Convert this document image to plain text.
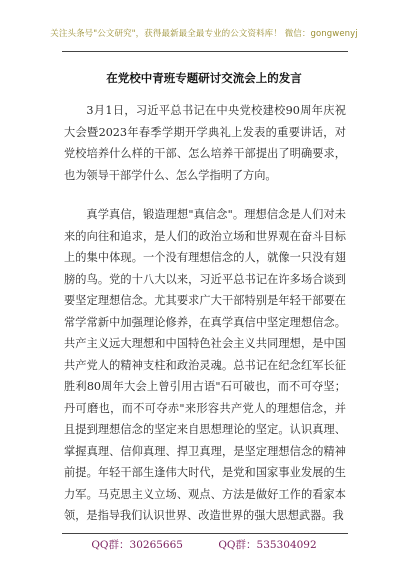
关注头条号"公文研究"，获得最新最全最专业的公文资料库！ 微信：gongwenyj
在党校中青班专题研讨交流会上的发言

3月1日，习近平总书记在中央党校建校90周年庆祝大会暨2023年春季学期开学典礼上发表的重要讲话，对党校培养什么样的干部、怎么培养干部提出了明确要求，也为领导干部学什么、怎么学指明了方向。

真学真信，锻造理想"真信念"。理想信念是人们对未来的向往和追求，是人们的政治立场和世界观在奋斗目标上的集中体现。一个没有理想信念的人，就像一只没有翅膀的鸟。党的十八大以来，习近平总书记在许多场合谈到要坚定理想信念。尤其要求广大干部特别是年轻干部要在常学常新中加强理论修养，在真学真信中坚定理想信念。共产主义远大理想和中国特色社会主义共同理想，是中国共产党人的精神支柱和政治灵魂。总书记在纪念红军长征胜利80周年大会上曾引用古语"石可破也，而不可夺坚；丹可磨也，而不可夺赤"来形容共产党人的理想信念，并且提到理想信念的坚定来自思想理论的坚定。认识真理、掌握真理、信仰真理、捍卫真理，是坚定理想信念的精神前提。年轻干部生逢伟大时代，是党和国家事业发展的生力军。马克思主义立场、观点、方法是做好工作的看家本领，是指导我们认识世界、改造世界的强大思想武器。我

QQ群：30265665	QQ群：535304092
